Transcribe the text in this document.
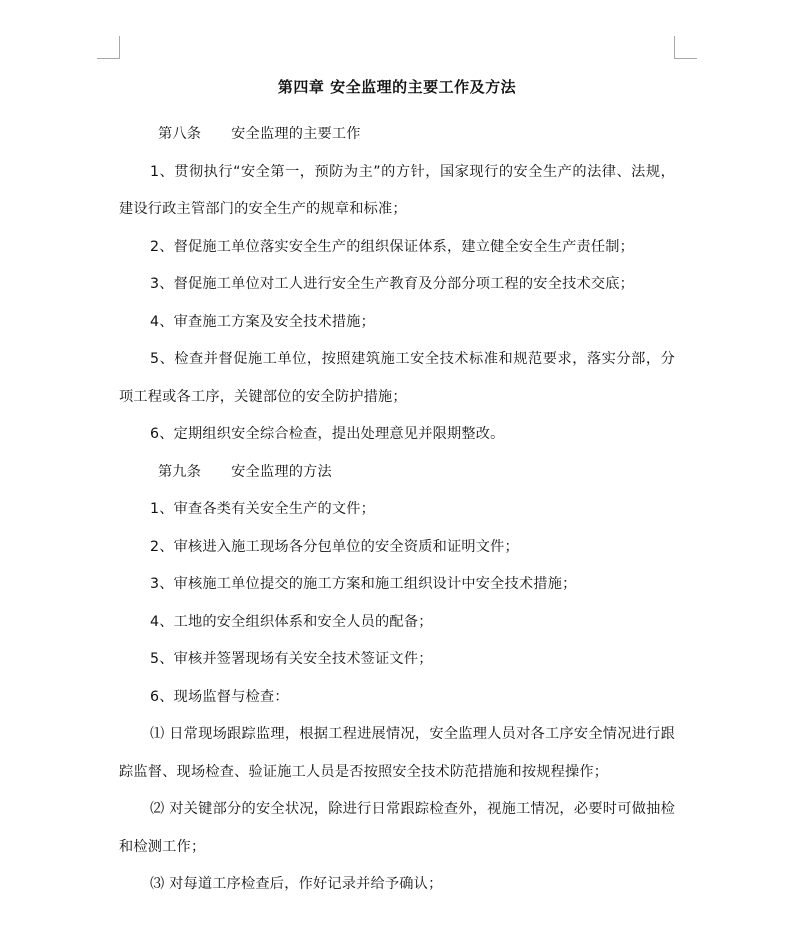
第四章 安全监理的主要工作及方法
第八条 安全监理的主要工作

1、贯彻执行“安全第一，预防为主”的方针，国家现行的安全生产的法律、法规，建设行政主管部门的安全生产的规章和标准；

2、督促施工单位落实安全生产的组织保证体系，建立健全安全生产责任制；

3、督促施工单位对工人进行安全生产教育及分部分项工程的安全技术交底；

4、审查施工方案及安全技术措施；

5、检查并督促施工单位，按照建筑施工安全技术标准和规范要求，落实分部，分项工程或各工序，关键部位的安全防护措施；

6、定期组织安全综合检查，提出处理意见并限期整改。

第九条 安全监理的方法

1、审查各类有关安全生产的文件；

2、审核进入施工现场各分包单位的安全资质和证明文件；

3、审核施工单位提交的施工方案和施工组织设计中安全技术措施；

4、工地的安全组织体系和安全人员的配备；

5、审核并签署现场有关安全技术签证文件；

6、现场监督与检查：

⑴ 日常现场跟踪监理，根据工程进展情况，安全监理人员对各工序安全情况进行跟踪监督、现场检查、验证施工人员是否按照安全技术防范措施和按规程操作；

⑵ 对关键部分的安全状况，除进行日常跟踪检查外，视施工情况，必要时可做抽检和检测工作；

⑶ 对每道工序检查后，作好记录并给予确认；
